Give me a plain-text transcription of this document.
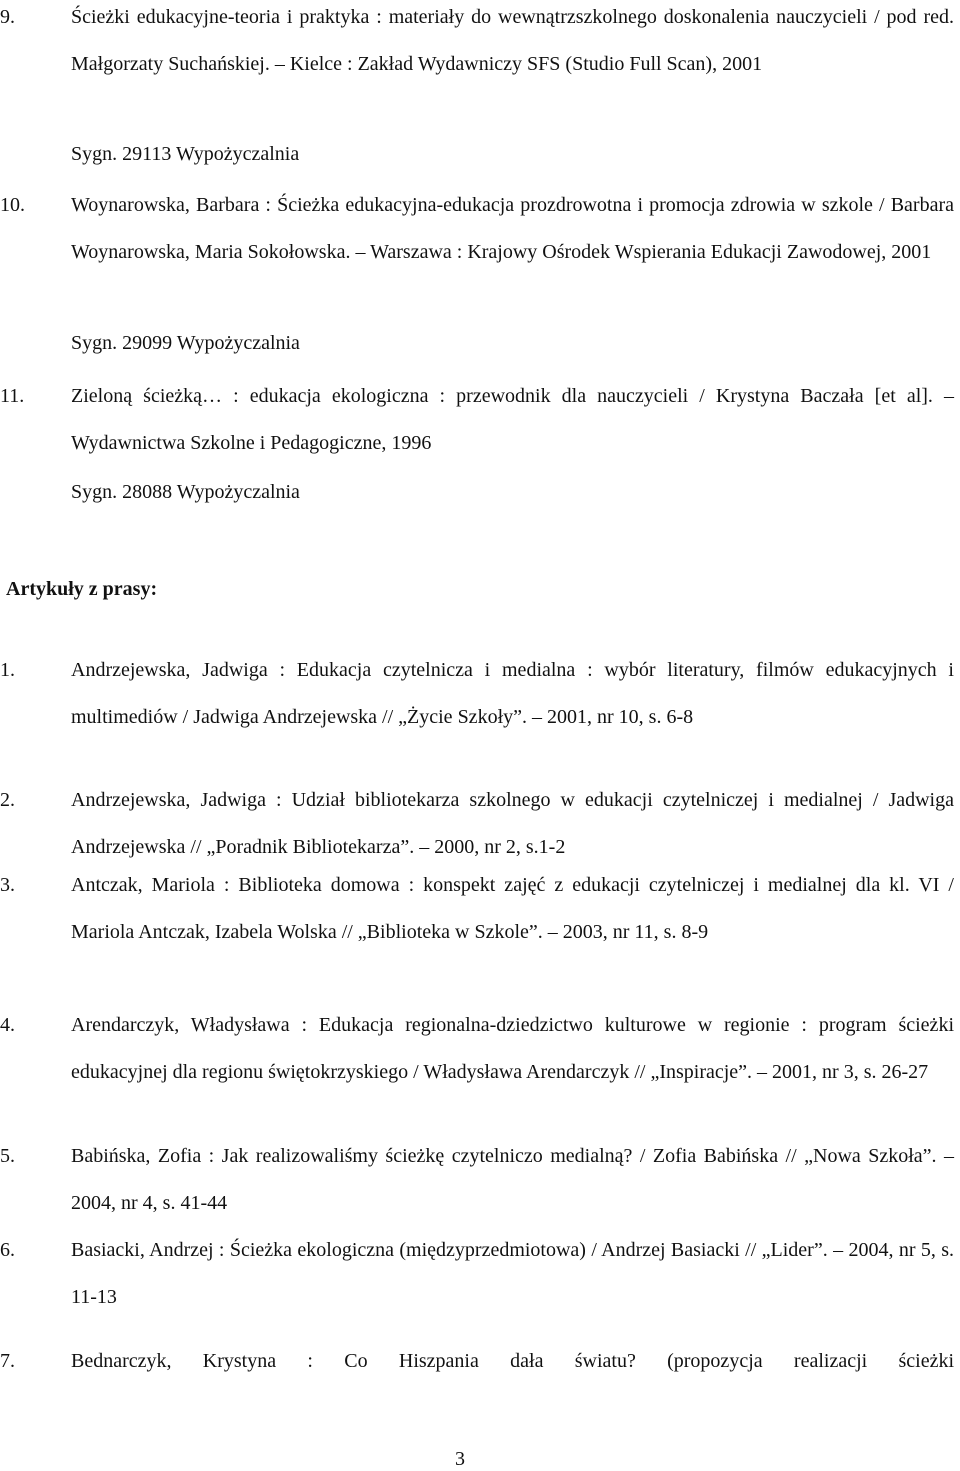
9.	Ścieżki edukacyjne-teoria i praktyka : materiały do wewnątrzszkolnego doskonalenia nauczycieli / pod red. Małgorzaty Suchańskiej. – Kielce : Zakład Wydawniczy SFS (Studio Full Scan), 2001
Sygn. 29113 Wypożyczalnia
10.	Woynarowska, Barbara : Ścieżka edukacyjna-edukacja prozdrowotna i promocja zdrowia w szkole / Barbara Woynarowska, Maria Sokołowska. – Warszawa : Krajowy Ośrodek Wspierania Edukacji Zawodowej, 2001
Sygn. 29099 Wypożyczalnia
11.	Zieloną ścieżką… : edukacja ekologiczna : przewodnik dla nauczycieli / Krystyna Baczała [et al]. – Wydawnictwa Szkolne i Pedagogiczne, 1996
Sygn. 28088 Wypożyczalnia
Artykuły z prasy:
1.	Andrzejewska, Jadwiga : Edukacja czytelnicza i medialna : wybór literatury, filmów edukacyjnych i multimediów / Jadwiga Andrzejewska // „Życie Szkoły”. – 2001, nr 10, s. 6-8
2.	Andrzejewska, Jadwiga : Udział bibliotekarza szkolnego w edukacji czytelniczej i medialnej / Jadwiga Andrzejewska // „Poradnik Bibliotekarza”. – 2000, nr 2, s.1-2
3.	Antczak, Mariola : Biblioteka domowa : konspekt zajęć z edukacji czytelniczej i medialnej dla kl. VI / Mariola Antczak, Izabela Wolska // „Biblioteka w Szkole”. – 2003, nr 11, s. 8-9
4.	Arendarczyk, Władysława : Edukacja regionalna-dziedzictwo kulturowe w regionie : program ścieżki edukacyjnej dla regionu świętokrzyskiego / Władysława Arendarczyk // „Inspiracje”. – 2001, nr 3, s. 26-27
5.	Babińska, Zofia : Jak realizowaliśmy ścieżkę czytelniczo medialną? / Zofia Babińska // „Nowa Szkoła”. – 2004, nr 4, s. 41-44
6.	Basiacki, Andrzej : Ścieżka ekologiczna (międzyprzedmiotowa) / Andrzej Basiacki // „Lider”. – 2004, nr 5, s. 11-13
7.	Bednarczyk, Krystyna : Co Hiszpania dała światu? (propozycja realizacji ścieżki
3
